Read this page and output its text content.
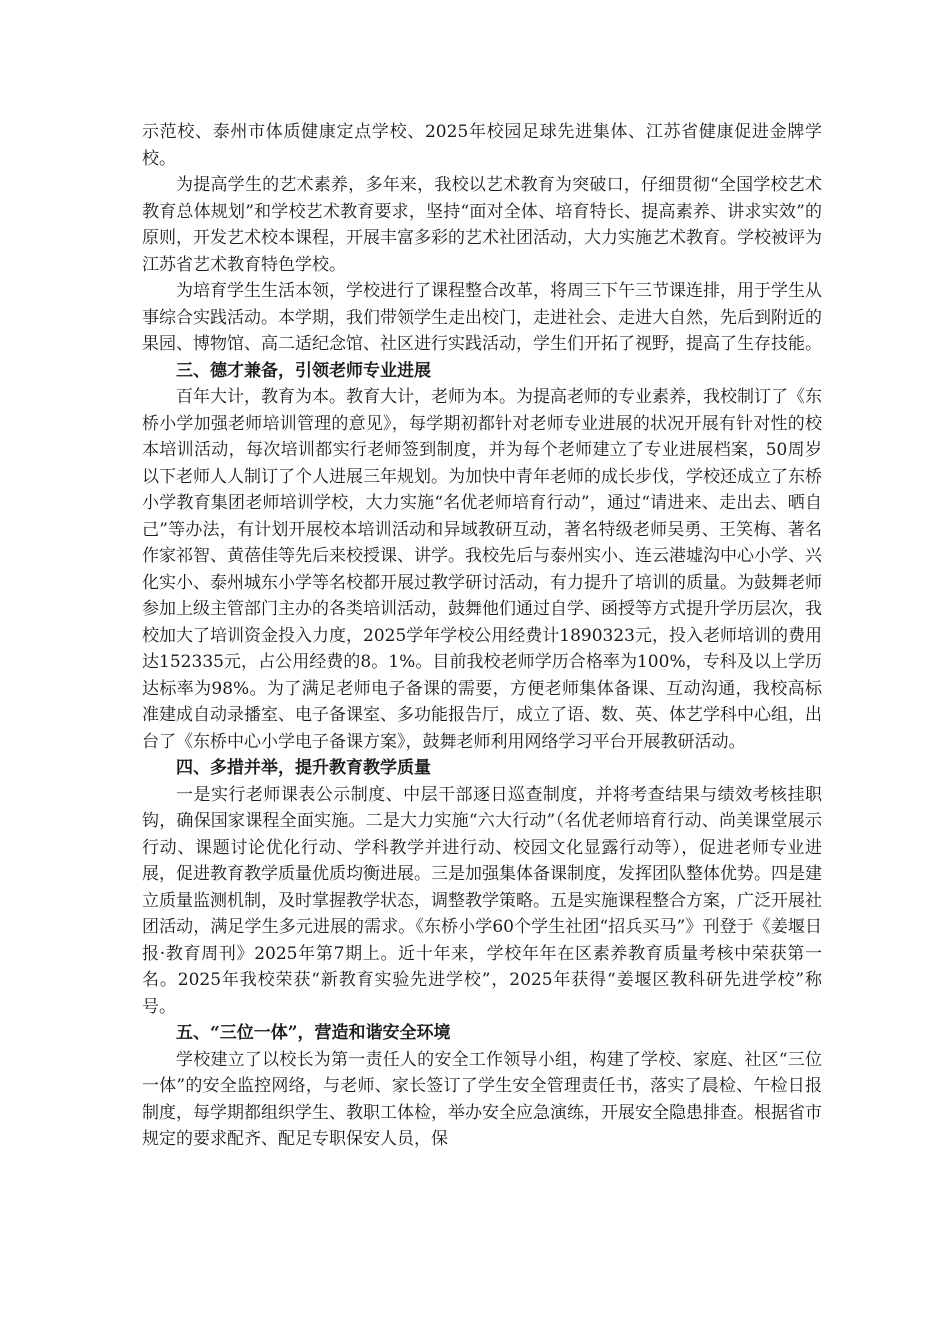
示范校、泰州市体质健康定点学校、2025年校园足球先进集体、江苏省健康促进金牌学校。

为提高学生的艺术素养，多年来，我校以艺术教育为突破口，仔细贯彻“全国学校艺术教育总体规划”和学校艺术教育要求，坚持“面对全体、培育特长、提高素养、讲求实效”的原则，开发艺术校本课程，开展丰富多彩的艺术社团活动，大力实施艺术教育。学校被评为江苏省艺术教育特色学校。

为培育学生生活本领，学校进行了课程整合改革，将周三下午三节课连排，用于学生从事综合实践活动。本学期，我们带领学生走出校门，走进社会、走进大自然，先后到附近的果园、博物馆、高二适纪念馆、社区进行实践活动，学生们开拓了视野，提高了生存技能。

三、德才兼备，引领老师专业进展

百年大计，教育为本。教育大计，老师为本。为提高老师的专业素养，我校制订了《东桥小学加强老师培训管理的意见》，每学期初都针对老师专业进展的状况开展有针对性的校本培训活动，每次培训都实行老师签到制度，并为每个老师建立了专业进展档案，50周岁以下老师人人制订了个人进展三年规划。为加快中青年老师的成长步伐，学校还成立了东桥小学教育集团老师培训学校，大力实施“名优老师培育行动”，通过“请进来、走出去、晒自己”等办法，有计划开展校本培训活动和异域教研互动，著名特级老师吴勇、王笑梅、著名作家祁智、黄蓓佳等先后来校授课、讲学。我校先后与泰州实小、连云港墟沟中心小学、兴化实小、泰州城东小学等名校都开展过教学研讨活动，有力提升了培训的质量。为鼓舞老师参加上级主管部门主办的各类培训活动，鼓舞他们通过自学、函授等方式提升学历层次，我校加大了培训资金投入力度，2025学年学校公用经费计1890323元，投入老师培训的费用达152335元，占公用经费的8。1%。目前我校老师学历合格率为100%，专科及以上学历达标率为98%。为了满足老师电子备课的需要，方便老师集体备课、互动沟通，我校高标准建成自动录播室、电子备课室、多功能报告厅，成立了语、数、英、体艺学科中心组，出台了《东桥中心小学电子备课方案》，鼓舞老师利用网络学习平台开展教研活动。

四、多措并举，提升教育教学质量

一是实行老师课表公示制度、中层干部逐日巡查制度，并将考查结果与绩效考核挂职钩，确保国家课程全面实施。二是大力实施“六大行动”（名优老师培育行动、尚美课堂展示行动、课题讨论优化行动、学科教学并进行动、校园文化显露行动等），促进老师专业进展，促进教育教学质量优质均衡进展。三是加强集体备课制度，发挥团队整体优势。四是建立质量监测机制，及时掌握教学状态，调整教学策略。五是实施课程整合方案，广泛开展社团活动，满足学生多元进展的需求。《东桥小学60个学生社团“招兵买马”》刊登于《姜堰日报·教育周刊》2025年第7期上。近十年来，学校年年在区素养教育质量考核中荣获第一名。2025年我校荣获“新教育实验先进学校”，2025年获得“姜堰区教科研先进学校”称号。

五、“三位一体”，营造和谐安全环境

学校建立了以校长为第一责任人的安全工作领导小组，构建了学校、家庭、社区“三位一体”的安全监控网络，与老师、家长签订了学生安全管理责任书，落实了晨检、午检日报制度，每学期都组织学生、教职工体检，举办安全应急演练，开展安全隐患排查。根据省市规定的要求配齐、配足专职保安人员，保
